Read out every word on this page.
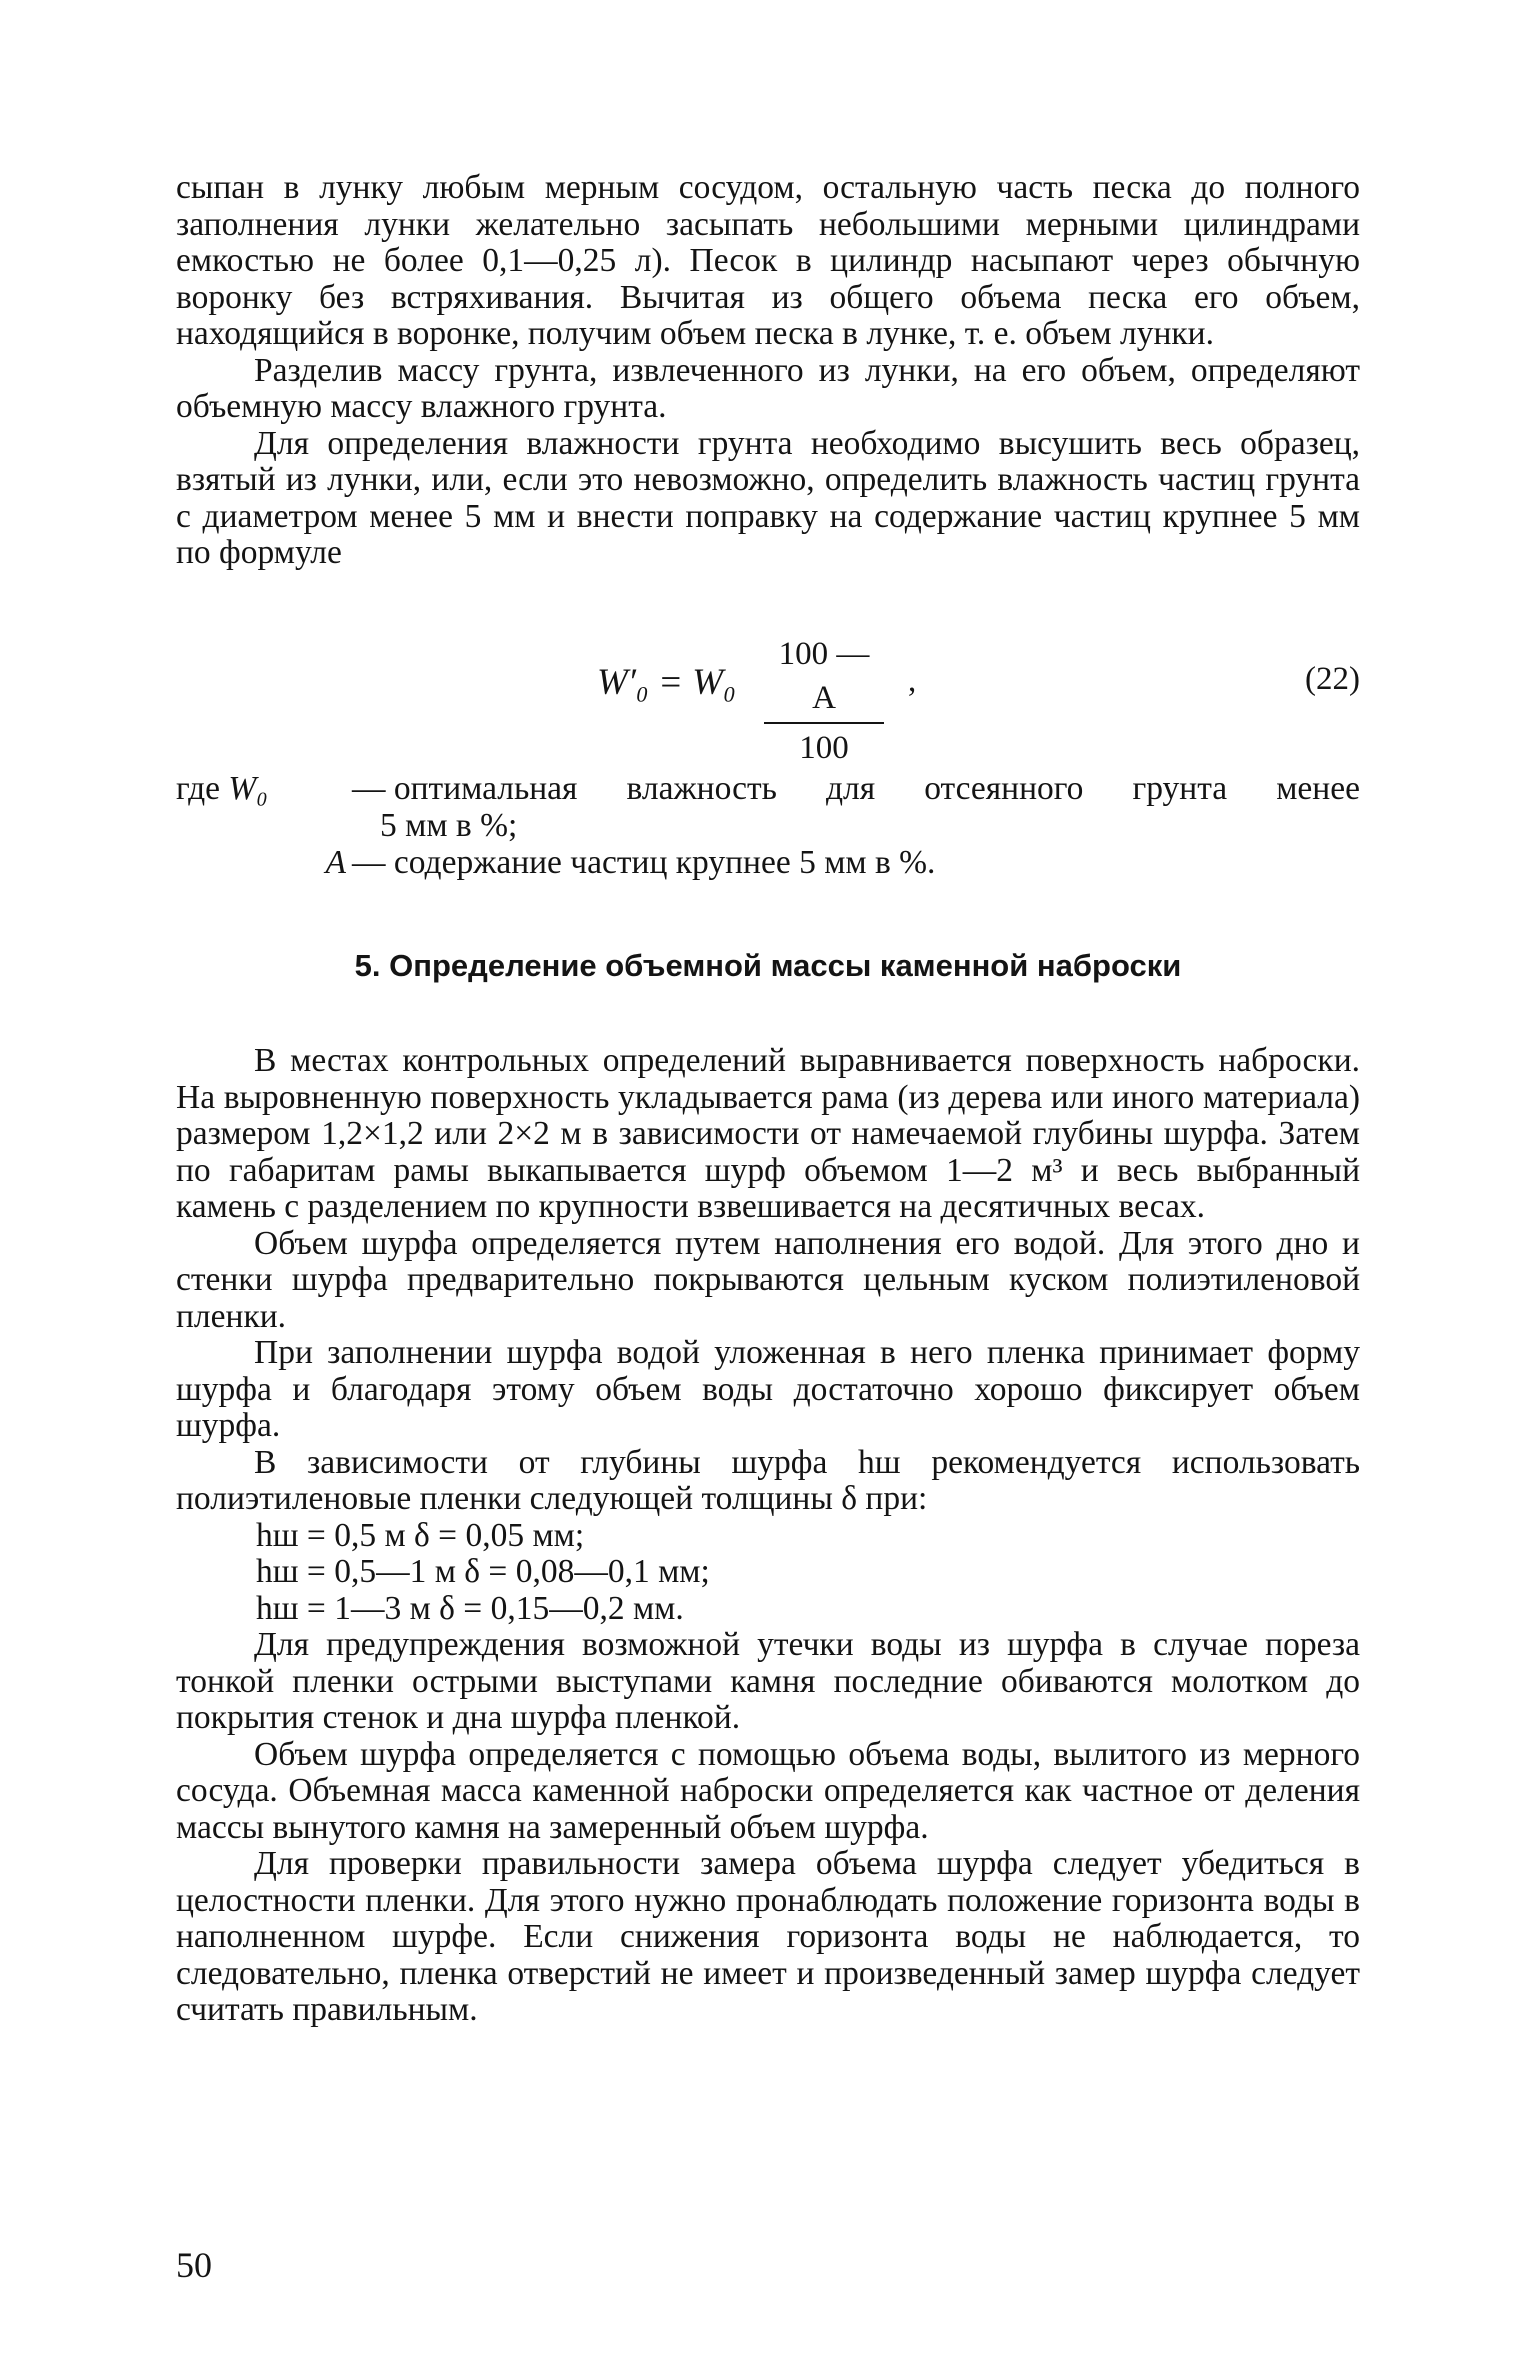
сыпан в лунку любым мерным сосудом, остальную часть песка до полного заполнения лунки желательно засыпать небольшими мерными цилиндрами емкостью не более 0,1—0,25 л). Песок в цилиндр насыпают через обычную воронку без встряхивания. Вычитая из общего объема песка его объем, находящийся в воронке, получим объем песка в лунке, т. е. объем лунки.

Разделив массу грунта, извлеченного из лунки, на его объем, определяют объемную массу влажного грунта.

Для определения влажности грунта необходимо высушить весь образец, взятый из лунки, или, если это невозможно, определить влажность частиц грунта с диаметром менее 5 мм и внести поправку на содержание частиц крупнее 5 мм по формуле

W′₀ = W₀
100 — A
100
,	(22)
где W₀	— оптимальная влажность для отсеянного грунта менее
5 мм в %;
A — содержание частиц крупнее 5 мм в %.
5. Определение объемной массы каменной наброски

В местах контрольных определений выравнивается поверхность наброски. На выровненную поверхность укладывается рама (из дерева или иного материала) размером 1,2×1,2 или 2×2 м в зависимости от намечаемой глубины шурфа. Затем по габаритам рамы выкапывается шурф объемом 1—2 м³ и весь выбранный камень с разделением по крупности взвешивается на десятичных весах.

Объем шурфа определяется путем наполнения его водой. Для этого дно и стенки шурфа предварительно покрываются цельным куском полиэтиленовой пленки.

При заполнении шурфа водой уложенная в него пленка принимает форму шурфа и благодаря этому объем воды достаточно хорошо фиксирует объем шурфа.

В зависимости от глубины шурфа hш рекомендуется использовать полиэтиленовые пленки следующей толщины δ при:

hш = 0,5 м δ = 0,05 мм;

hш = 0,5—1 м δ = 0,08—0,1 мм;

hш = 1—3 м δ = 0,15—0,2 мм.

Для предупреждения возможной утечки воды из шурфа в случае пореза тонкой пленки острыми выступами камня последние обиваются молотком до покрытия стенок и дна шурфа пленкой.

Объем шурфа определяется с помощью объема воды, вылитого из мерного сосуда. Объемная масса каменной наброски определяется как частное от деления массы вынутого камня на замеренный объем шурфа.

Для проверки правильности замера объема шурфа следует убедиться в целостности пленки. Для этого нужно пронаблюдать положение горизонта воды в наполненном шурфе. Если снижения горизонта воды не наблюдается, то следовательно, пленка отверстий не имеет и произведенный замер шурфа следует считать правильным.

50
